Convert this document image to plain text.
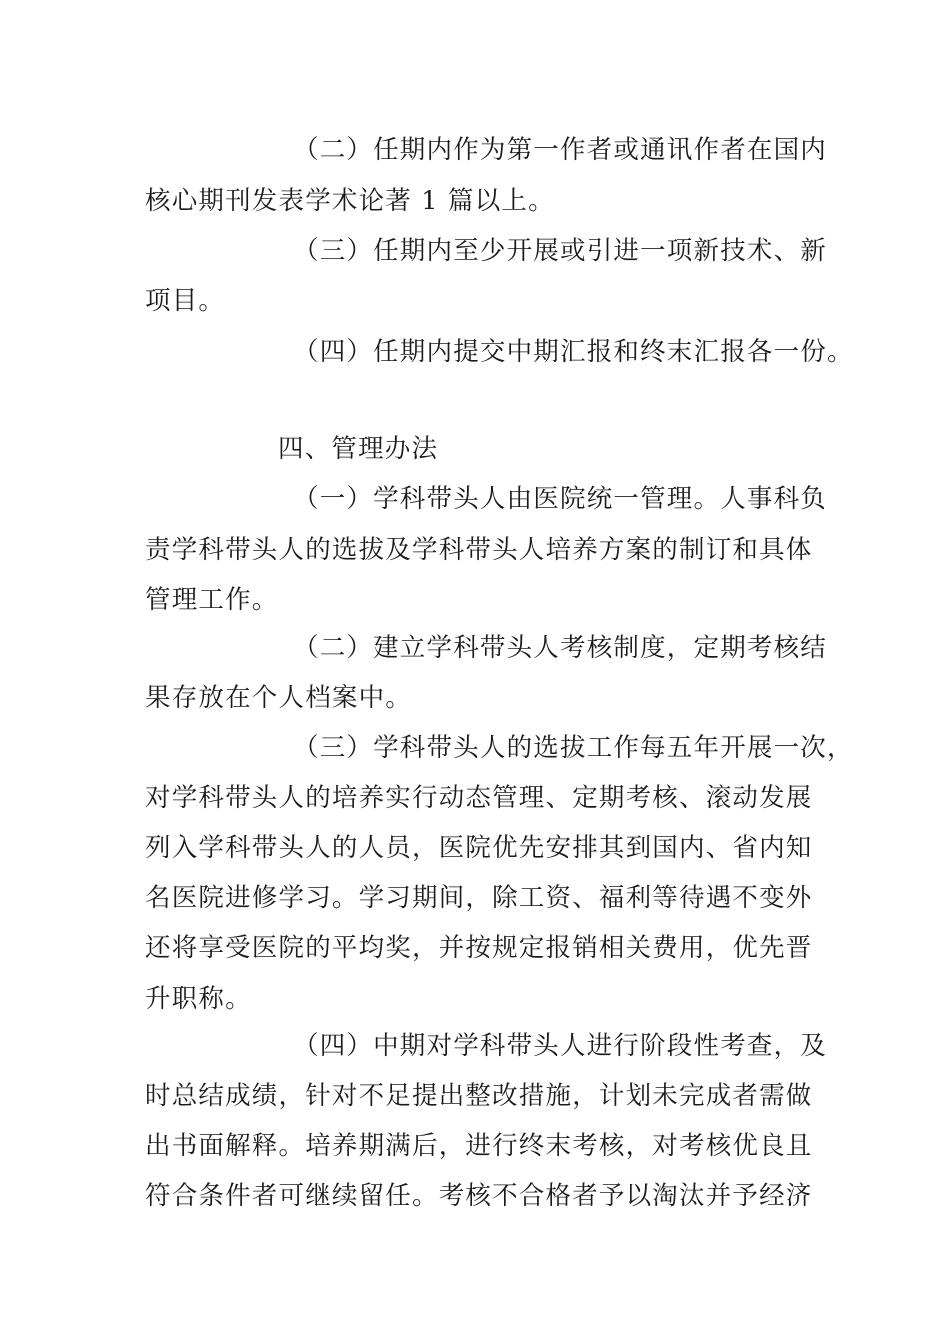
（二）任期内作为第一作者或通讯作者在国内
核心期刊发表学术论著 1 篇以上。
（三）任期内至少开展或引进一项新技术、新
项目。
（四）任期内提交中期汇报和终末汇报各一份。
四、管理办法
（一）学科带头人由医院统一管理。人事科负
责学科带头人的选拔及学科带头人培养方案的制订和具体
管理工作。
（二）建立学科带头人考核制度，定期考核结
果存放在个人档案中。
（三）学科带头人的选拔工作每五年开展一次，
对学科带头人的培养实行动态管理、定期考核、滚动发展
列入学科带头人的人员，医院优先安排其到国内、省内知
名医院进修学习。学习期间，除工资、福利等待遇不变外
还将享受医院的平均奖，并按规定报销相关费用，优先晋
升职称。
（四）中期对学科带头人进行阶段性考查，及
时总结成绩，针对不足提出整改措施，计划未完成者需做
出书面解释。培养期满后，进行终末考核，对考核优良且
符合条件者可继续留任。考核不合格者予以淘汰并予经济
